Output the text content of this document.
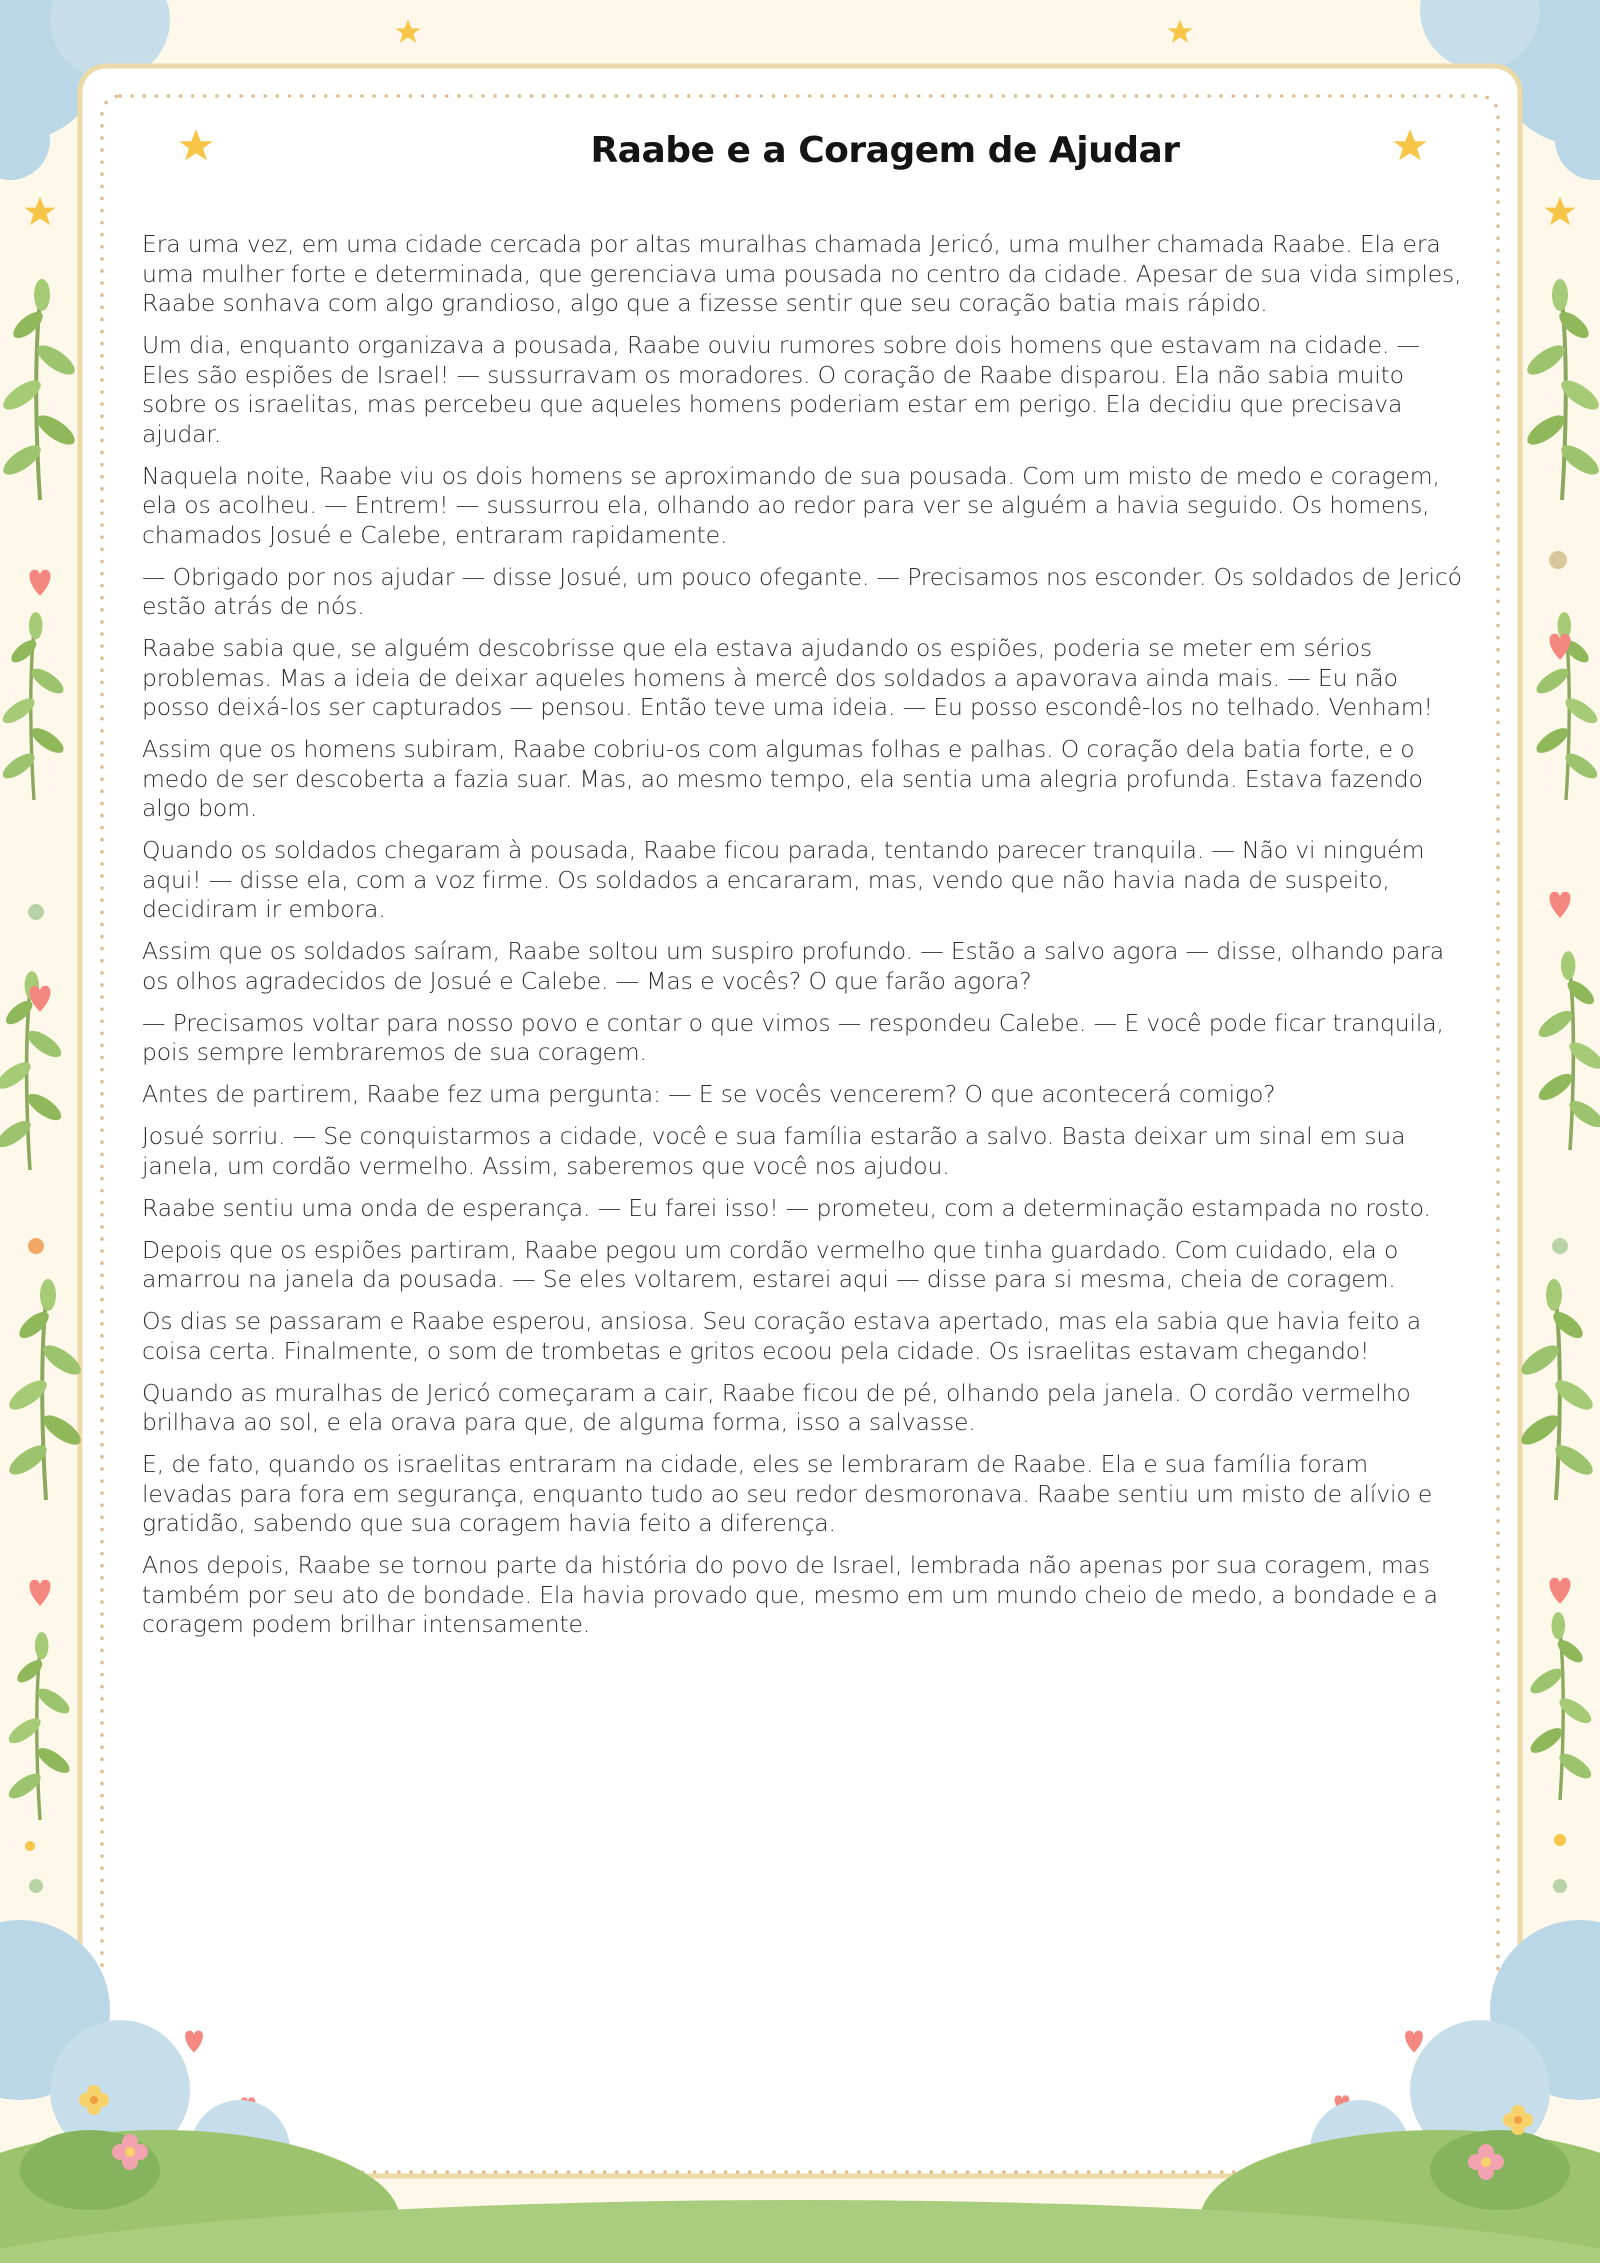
Raabe e a Coragem de Ajudar

Era uma vez, em uma cidade cercada por altas muralhas chamada Jericó, uma mulher chamada Raabe. Ela era uma mulher forte e determinada, que gerenciava uma pousada no centro da cidade. Apesar de sua vida simples, Raabe sonhava com algo grandioso, algo que a fizesse sentir que seu coração batia mais rápido.

Um dia, enquanto organizava a pousada, Raabe ouviu rumores sobre dois homens que estavam na cidade. — Eles são espiões de Israel! — sussurravam os moradores. O coração de Raabe disparou. Ela não sabia muito sobre os israelitas, mas percebeu que aqueles homens poderiam estar em perigo. Ela decidiu que precisava ajudar.

Naquela noite, Raabe viu os dois homens se aproximando de sua pousada. Com um misto de medo e coragem, ela os acolheu. — Entrem! — sussurrou ela, olhando ao redor para ver se alguém a havia seguido. Os homens, chamados Josué e Calebe, entraram rapidamente.

— Obrigado por nos ajudar — disse Josué, um pouco ofegante. — Precisamos nos esconder. Os soldados de Jericó estão atrás de nós.

Raabe sabia que, se alguém descobrisse que ela estava ajudando os espiões, poderia se meter em sérios problemas. Mas a ideia de deixar aqueles homens à mercê dos soldados a apavorava ainda mais. — Eu não posso deixá-los ser capturados — pensou. Então teve uma ideia. — Eu posso escondê-los no telhado. Venham!

Assim que os homens subiram, Raabe cobriu-os com algumas folhas e palhas. O coração dela batia forte, e o medo de ser descoberta a fazia suar. Mas, ao mesmo tempo, ela sentia uma alegria profunda. Estava fazendo algo bom.

Quando os soldados chegaram à pousada, Raabe ficou parada, tentando parecer tranquila. — Não vi ninguém aqui! — disse ela, com a voz firme. Os soldados a encararam, mas, vendo que não havia nada de suspeito, decidiram ir embora.

Assim que os soldados saíram, Raabe soltou um suspiro profundo. — Estão a salvo agora — disse, olhando para os olhos agradecidos de Josué e Calebe. — Mas e vocês? O que farão agora?

— Precisamos voltar para nosso povo e contar o que vimos — respondeu Calebe. — E você pode ficar tranquila, pois sempre lembraremos de sua coragem.

Antes de partirem, Raabe fez uma pergunta: — E se vocês vencerem? O que acontecerá comigo?

Josué sorriu. — Se conquistarmos a cidade, você e sua família estarão a salvo. Basta deixar um sinal em sua janela, um cordão vermelho. Assim, saberemos que você nos ajudou.

Raabe sentiu uma onda de esperança. — Eu farei isso! — prometeu, com a determinação estampada no rosto.

Depois que os espiões partiram, Raabe pegou um cordão vermelho que tinha guardado. Com cuidado, ela o amarrou na janela da pousada. — Se eles voltarem, estarei aqui — disse para si mesma, cheia de coragem.

Os dias se passaram e Raabe esperou, ansiosa. Seu coração estava apertado, mas ela sabia que havia feito a coisa certa. Finalmente, o som de trombetas e gritos ecoou pela cidade. Os israelitas estavam chegando!

Quando as muralhas de Jericó começaram a cair, Raabe ficou de pé, olhando pela janela. O cordão vermelho brilhava ao sol, e ela orava para que, de alguma forma, isso a salvasse.

E, de fato, quando os israelitas entraram na cidade, eles se lembraram de Raabe. Ela e sua família foram levadas para fora em segurança, enquanto tudo ao seu redor desmoronava. Raabe sentiu um misto de alívio e gratidão, sabendo que sua coragem havia feito a diferença.

Anos depois, Raabe se tornou parte da história do povo de Israel, lembrada não apenas por sua coragem, mas também por seu ato de bondade. Ela havia provado que, mesmo em um mundo cheio de medo, a bondade e a coragem podem brilhar intensamente.
